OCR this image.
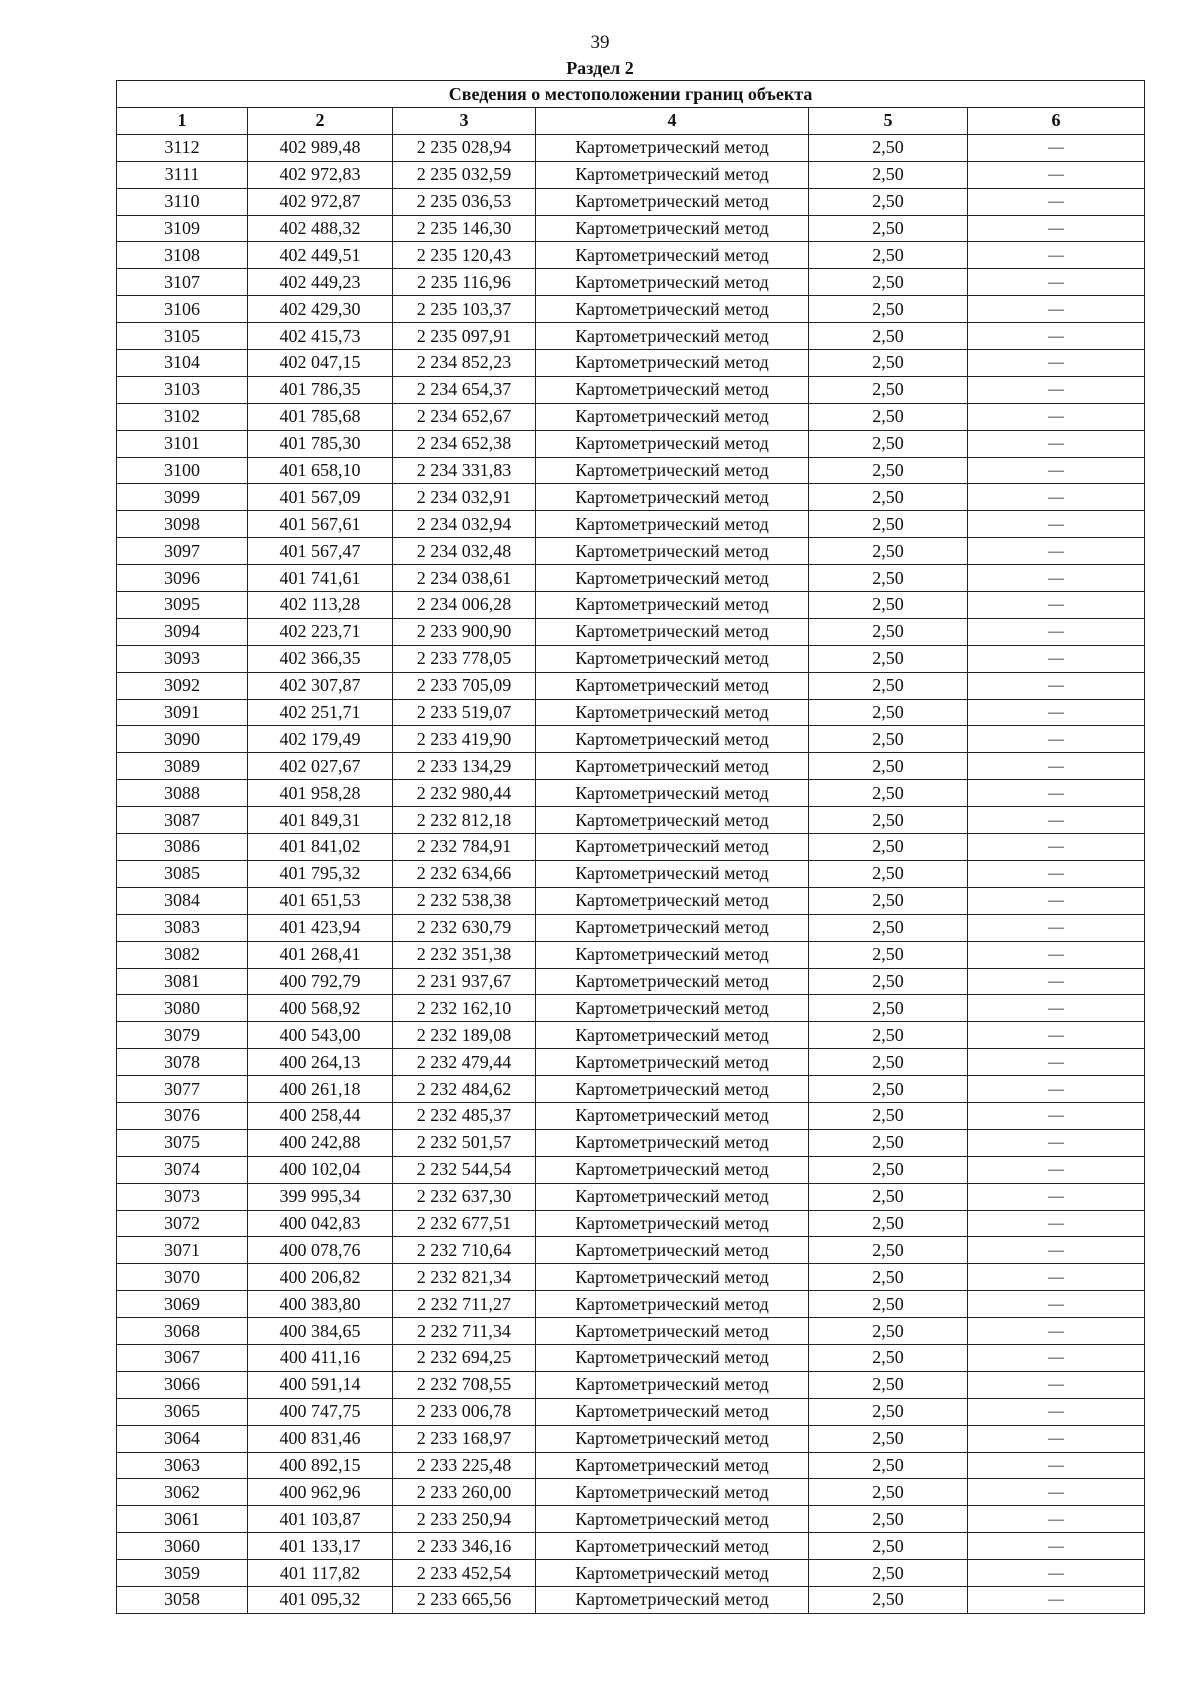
39
Раздел 2
Сведения о местоположении границ объекта					
1	2	3	4	5	6
3112	402 989,48	2 235 028,94	Картометрический метод	2,50	—
3111	402 972,83	2 235 032,59	Картометрический метод	2,50	—
3110	402 972,87	2 235 036,53	Картометрический метод	2,50	—
3109	402 488,32	2 235 146,30	Картометрический метод	2,50	—
3108	402 449,51	2 235 120,43	Картометрический метод	2,50	—
3107	402 449,23	2 235 116,96	Картометрический метод	2,50	—
3106	402 429,30	2 235 103,37	Картометрический метод	2,50	—
3105	402 415,73	2 235 097,91	Картометрический метод	2,50	—
3104	402 047,15	2 234 852,23	Картометрический метод	2,50	—
3103	401 786,35	2 234 654,37	Картометрический метод	2,50	—
3102	401 785,68	2 234 652,67	Картометрический метод	2,50	—
3101	401 785,30	2 234 652,38	Картометрический метод	2,50	—
3100	401 658,10	2 234 331,83	Картометрический метод	2,50	—
3099	401 567,09	2 234 032,91	Картометрический метод	2,50	—
3098	401 567,61	2 234 032,94	Картометрический метод	2,50	—
3097	401 567,47	2 234 032,48	Картометрический метод	2,50	—
3096	401 741,61	2 234 038,61	Картометрический метод	2,50	—
3095	402 113,28	2 234 006,28	Картометрический метод	2,50	—
3094	402 223,71	2 233 900,90	Картометрический метод	2,50	—
3093	402 366,35	2 233 778,05	Картометрический метод	2,50	—
3092	402 307,87	2 233 705,09	Картометрический метод	2,50	—
3091	402 251,71	2 233 519,07	Картометрический метод	2,50	—
3090	402 179,49	2 233 419,90	Картометрический метод	2,50	—
3089	402 027,67	2 233 134,29	Картометрический метод	2,50	—
3088	401 958,28	2 232 980,44	Картометрический метод	2,50	—
3087	401 849,31	2 232 812,18	Картометрический метод	2,50	—
3086	401 841,02	2 232 784,91	Картометрический метод	2,50	—
3085	401 795,32	2 232 634,66	Картометрический метод	2,50	—
3084	401 651,53	2 232 538,38	Картометрический метод	2,50	—
3083	401 423,94	2 232 630,79	Картометрический метод	2,50	—
3082	401 268,41	2 232 351,38	Картометрический метод	2,50	—
3081	400 792,79	2 231 937,67	Картометрический метод	2,50	—
3080	400 568,92	2 232 162,10	Картометрический метод	2,50	—
3079	400 543,00	2 232 189,08	Картометрический метод	2,50	—
3078	400 264,13	2 232 479,44	Картометрический метод	2,50	—
3077	400 261,18	2 232 484,62	Картометрический метод	2,50	—
3076	400 258,44	2 232 485,37	Картометрический метод	2,50	—
3075	400 242,88	2 232 501,57	Картометрический метод	2,50	—
3074	400 102,04	2 232 544,54	Картометрический метод	2,50	—
3073	399 995,34	2 232 637,30	Картометрический метод	2,50	—
3072	400 042,83	2 232 677,51	Картометрический метод	2,50	—
3071	400 078,76	2 232 710,64	Картометрический метод	2,50	—
3070	400 206,82	2 232 821,34	Картометрический метод	2,50	—
3069	400 383,80	2 232 711,27	Картометрический метод	2,50	—
3068	400 384,65	2 232 711,34	Картометрический метод	2,50	—
3067	400 411,16	2 232 694,25	Картометрический метод	2,50	—
3066	400 591,14	2 232 708,55	Картометрический метод	2,50	—
3065	400 747,75	2 233 006,78	Картометрический метод	2,50	—
3064	400 831,46	2 233 168,97	Картометрический метод	2,50	—
3063	400 892,15	2 233 225,48	Картометрический метод	2,50	—
3062	400 962,96	2 233 260,00	Картометрический метод	2,50	—
3061	401 103,87	2 233 250,94	Картометрический метод	2,50	—
3060	401 133,17	2 233 346,16	Картометрический метод	2,50	—
3059	401 117,82	2 233 452,54	Картометрический метод	2,50	—
3058	401 095,32	2 233 665,56	Картометрический метод	2,50	—
